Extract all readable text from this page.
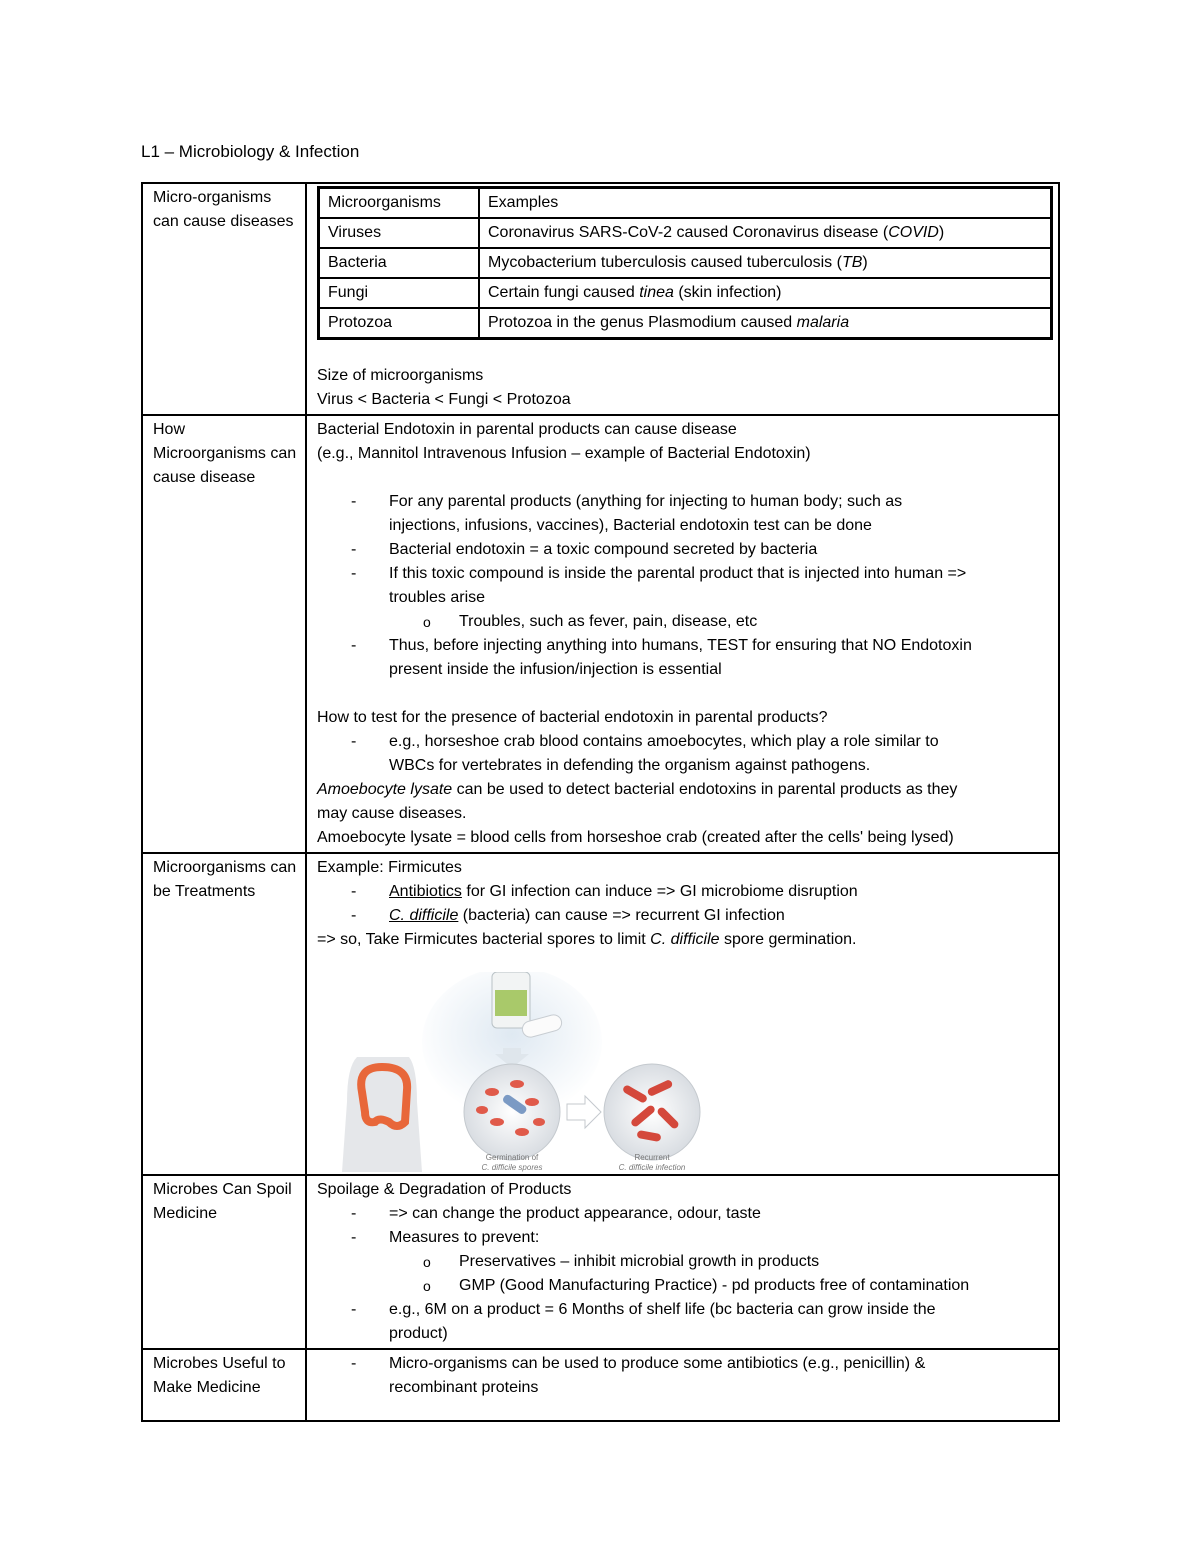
L1 – Microbiology & Infection
Micro-organisms can cause diseases	
Microorganisms	Examples
Viruses	Coronavirus SARS-CoV-2 caused Coronavirus disease (COVID)
Bacteria	Mycobacterium tuberculosis caused tuberculosis (TB)
Fungi	Certain fungi caused tinea (skin infection)
Protozoa	Protozoa in the genus Plasmodium caused malaria
Size of microorganisms
Virus < Bacteria < Fungi < Protozoa

How Microorganisms can cause disease	
Bacterial Endotoxin in parental products can cause disease
(e.g., Mannitol Intravenous Infusion – example of Bacterial Endotoxin)
-	For any parental products (anything for injecting to human body; such as
injections, infusions, vaccines), Bacterial endotoxin test can be done
-	Bacterial endotoxin = a toxic compound secreted by bacteria
-	If this toxic compound is inside the parental product that is injected into human =>
troubles arise
o	Troubles, such as fever, pain, disease, etc
-	Thus, before injecting anything into humans, TEST for ensuring that NO Endotoxin
present inside the infusion/injection is essential
How to test for the presence of bacterial endotoxin in parental products?
-	e.g., horseshoe crab blood contains amoebocytes, which play a role similar to
WBCs for vertebrates in defending the organism against pathogens.
Amoebocyte lysate can be used to detect bacterial endotoxins in parental products as they
may cause diseases.
Amoebocyte lysate = blood cells from horseshoe crab (created after the cells' being lysed)

Microorganisms can be Treatments	
Example: Firmicutes
-	Antibiotics for GI infection can induce => GI microbiome disruption
-	C. difficile (bacteria) can cause => recurrent GI infection
=> so, Take Firmicutes bacterial spores to limit C. difficile spore germination.
Germination of
C. difficile spores
Recurrent
C. difficile infection

Microbes Can Spoil Medicine	
Spoilage & Degradation of Products
-	=> can change the product appearance, odour, taste
-	Measures to prevent:
o	Preservatives – inhibit microbial growth in products
o	GMP (Good Manufacturing Practice) - pd products free of contamination
-	e.g., 6M on a product = 6 Months of shelf life (bc bacteria can grow inside the
product)

Microbes Useful to Make Medicine	
-	Micro-organisms can be used to produce some antibiotics (e.g., penicillin) &
recombinant proteins
